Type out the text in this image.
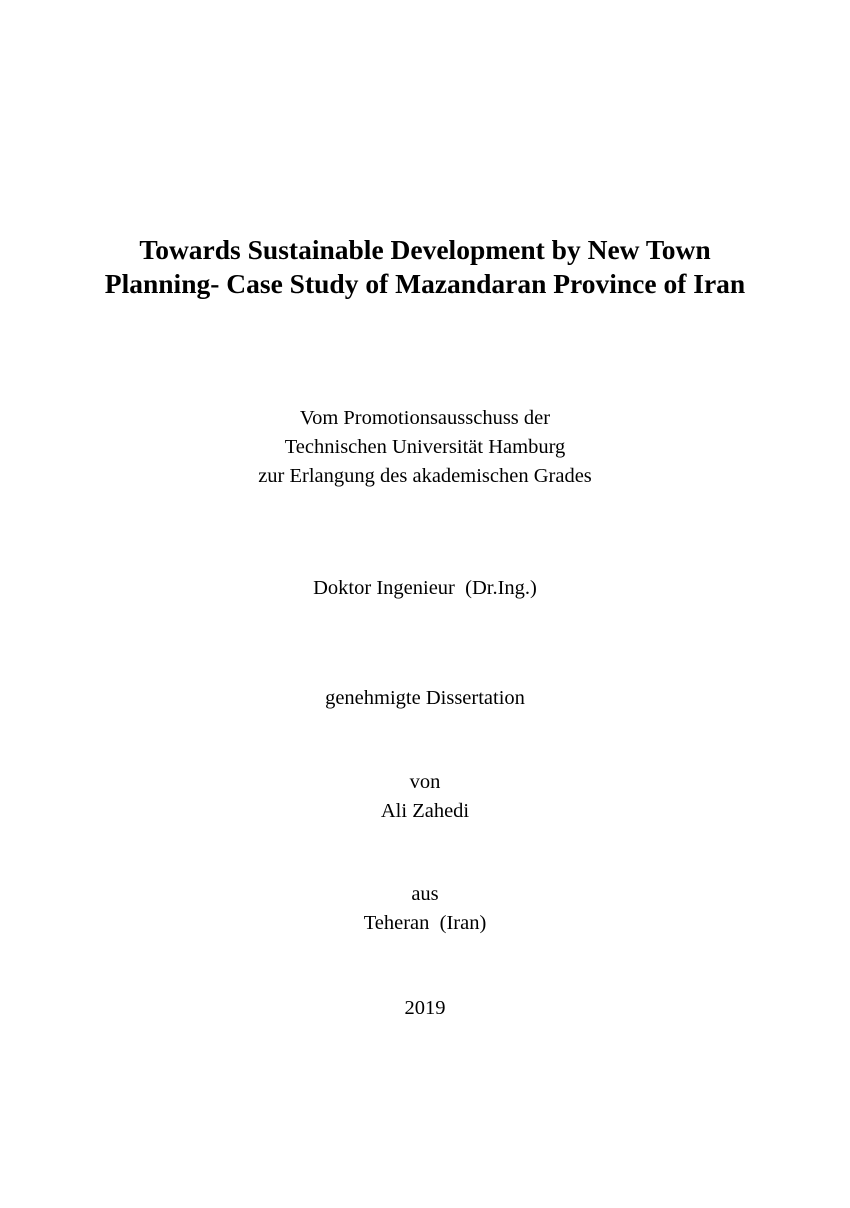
Towards Sustainable Development by New Town
Planning- Case Study of Mazandaran Province of Iran
Vom Promotionsausschuss der
Technischen Universität Hamburg
zur Erlangung des akademischen Grades
Doktor Ingenieur  (Dr.Ing.)
genehmigte Dissertation
von
Ali Zahedi
aus
Teheran  (Iran)
2019
